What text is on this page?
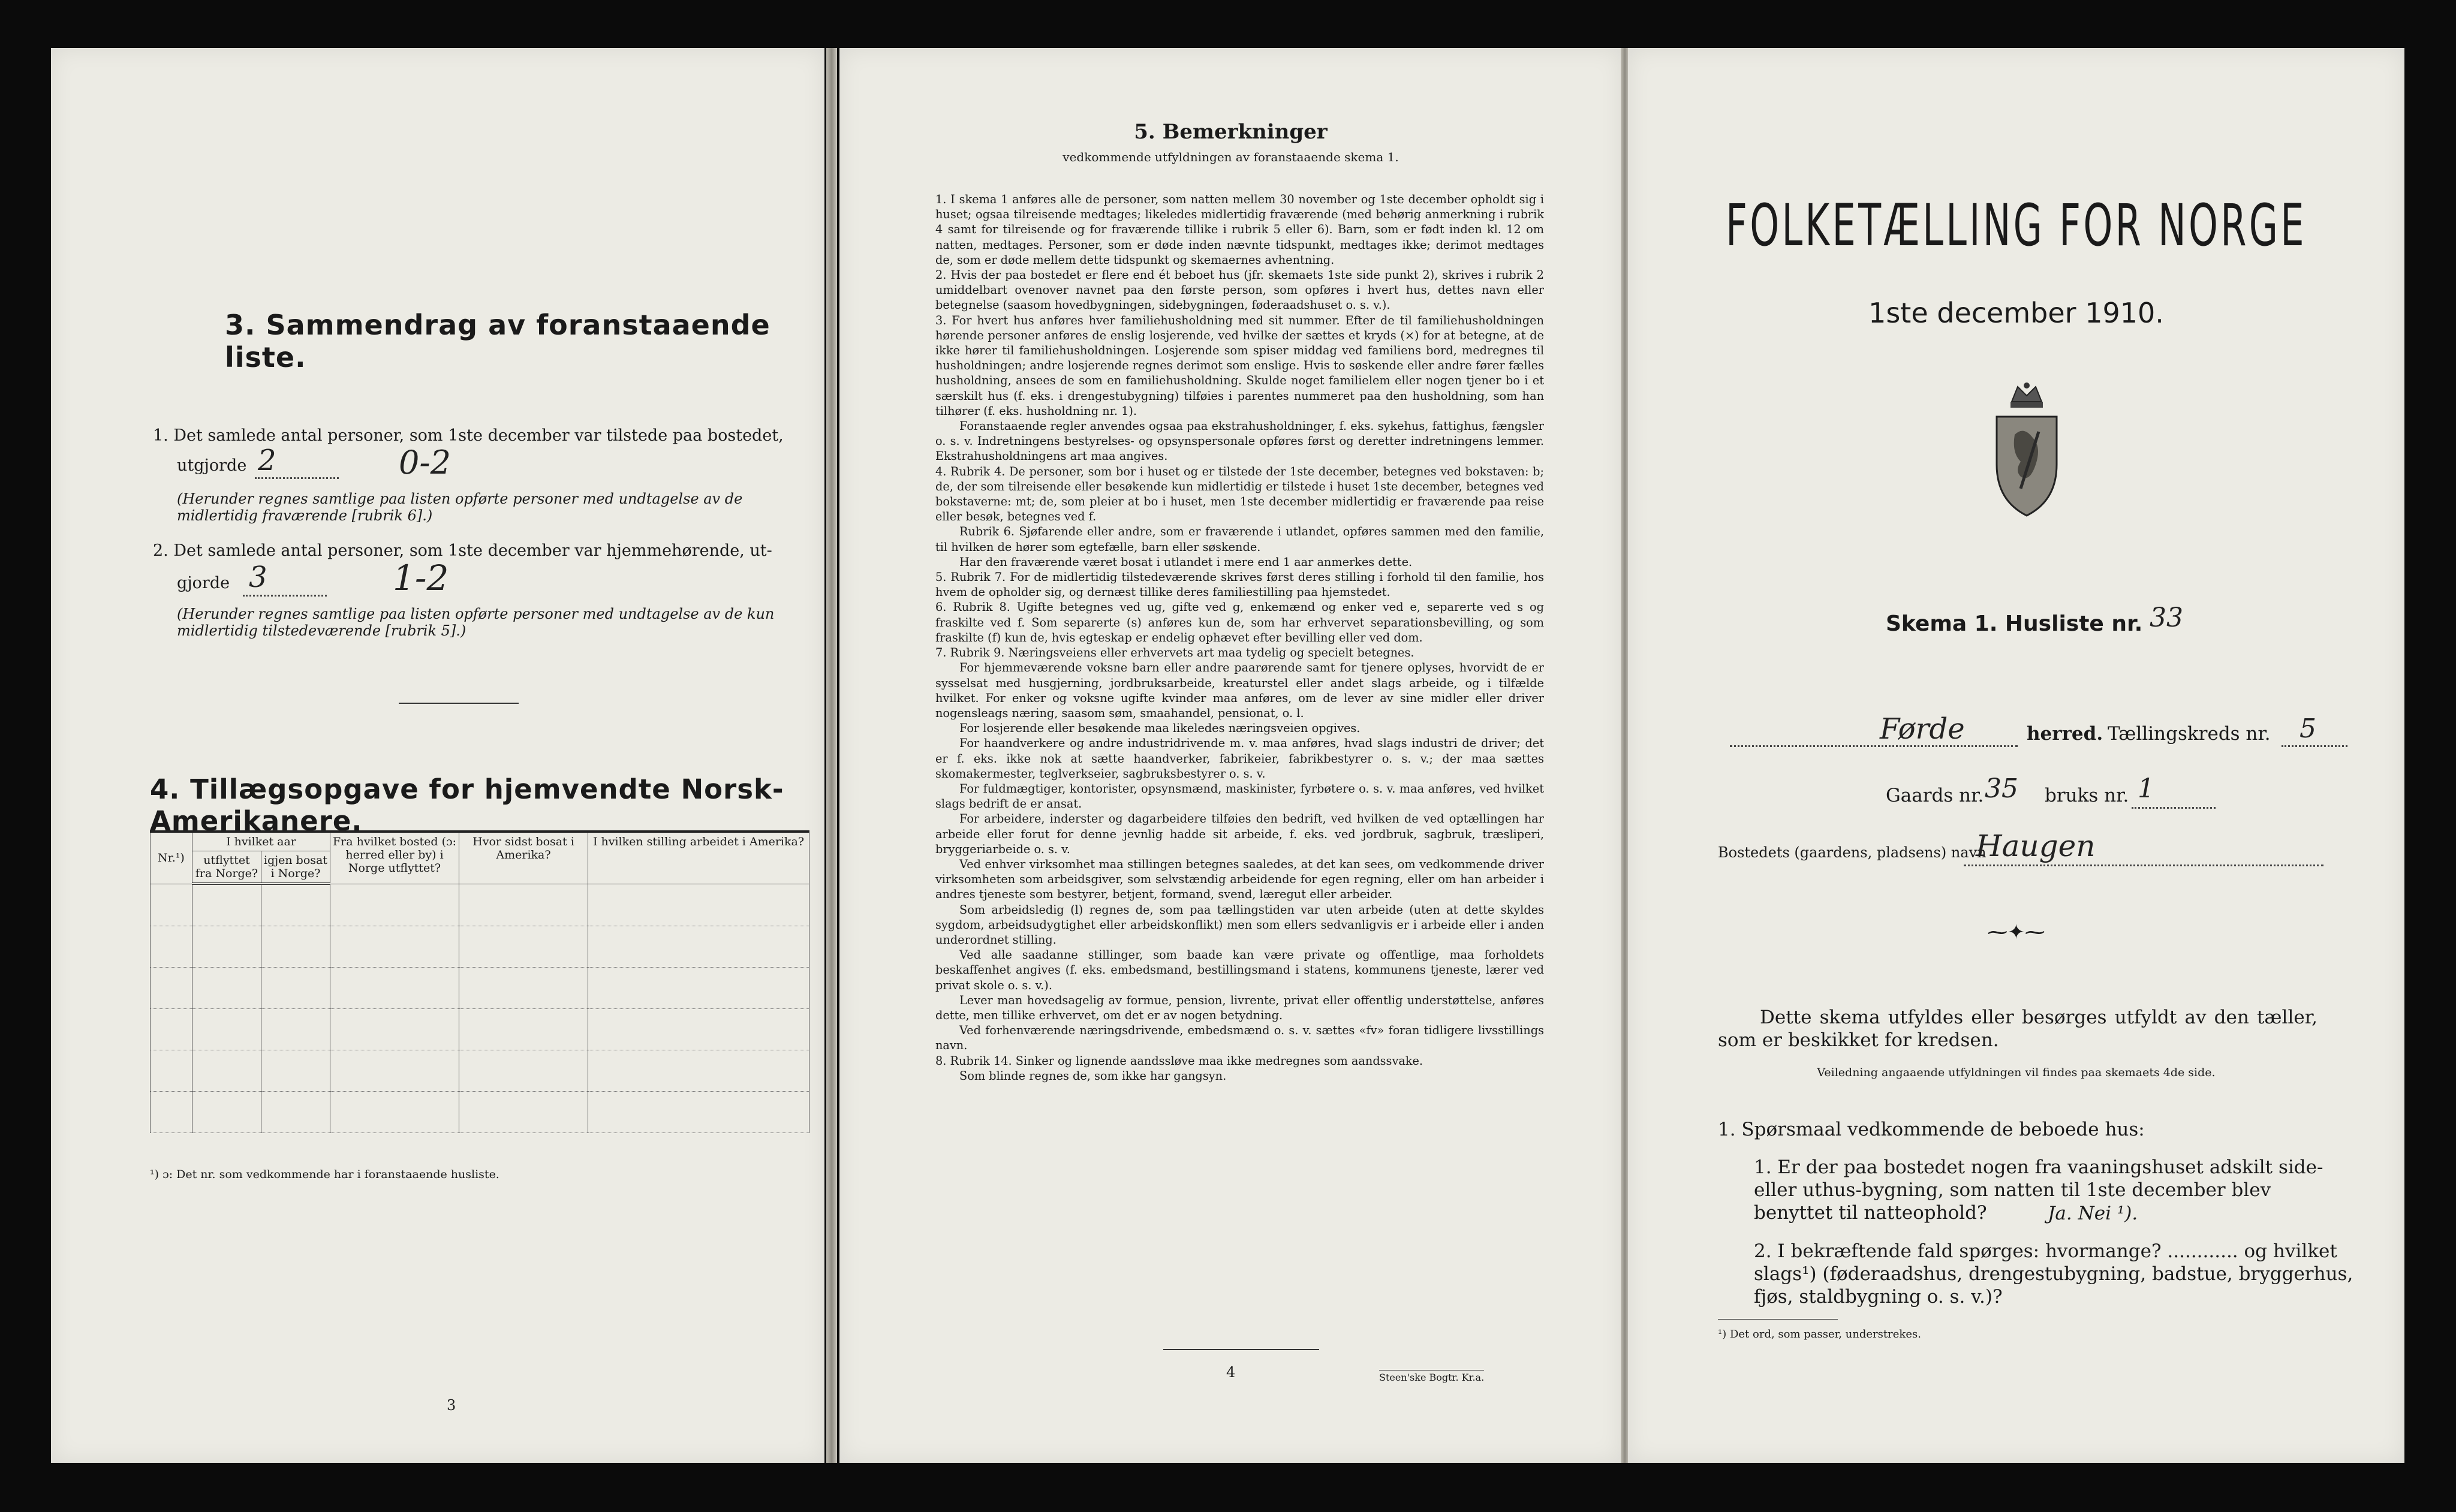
3. Sammendrag av foranstaaende liste.
1. Det samlede antal personer, som 1ste december var tilstede paa bostedet,
utgjorde 2	0-2
(Herunder regnes samtlige paa listen opførte personer med undtagelse av de midlertidig fraværende [rubrik 6].)
2. Det samlede antal personer, som 1ste december var hjemmehørende, ut-
gjorde 3	1-2
(Herunder regnes samtlige paa listen opførte personer med undtagelse av de kun midlertidig tilstedeværende [rubrik 5].)
4. Tillægsopgave for hjemvendte Norsk-Amerikanere.
Nr.¹)	I hvilket aar		Fra hvilket bosted (ɔ: herred eller by) i Norge utflyttet?	Hvor sidst bosat i Amerika?	I hvilken stilling arbeidet i Amerika?
	utflyttet fra Norge?	igjen bosat i Norge?			

¹) ɔ: Det nr. som vedkommende har i foranstaaende husliste.
3
5. Bemerkninger
vedkommende utfyldningen av foranstaaende skema 1.

1. I skema 1 anføres alle de personer, som natten mellem 30 november og 1ste december opholdt sig i huset; ogsaa tilreisende medtages; likeledes midlertidig fraværende (med behørig anmerkning i rubrik 4 samt for tilreisende og for fraværende tillike i rubrik 5 eller 6). Barn, som er født inden kl. 12 om natten, medtages. Personer, som er døde inden nævnte tidspunkt, medtages ikke; derimot medtages de, som er døde mellem dette tidspunkt og skemaernes avhentning.

2. Hvis der paa bostedet er flere end ét beboet hus (jfr. skemaets 1ste side punkt 2), skrives i rubrik 2 umiddelbart ovenover navnet paa den første person, som opføres i hvert hus, dettes navn eller betegnelse (saasom hovedbygningen, sidebygningen, føderaadshuset o. s. v.).

3. For hvert hus anføres hver familiehusholdning med sit nummer. Efter de til familiehusholdningen hørende personer anføres de enslig losjerende, ved hvilke der sættes et kryds (×) for at betegne, at de ikke hører til familiehusholdningen. Losjerende som spiser middag ved familiens bord, medregnes til husholdningen; andre losjerende regnes derimot som enslige. Hvis to søskende eller andre fører fælles husholdning, ansees de som en familiehusholdning. Skulde noget familielem eller nogen tjener bo i et særskilt hus (f. eks. i drengestubygning) tilføies i parentes nummeret paa den husholdning, som han tilhører (f. eks. husholdning nr. 1).

Foranstaaende regler anvendes ogsaa paa ekstrahusholdninger, f. eks. sykehus, fattighus, fængsler o. s. v. Indretningens bestyrelses- og opsynspersonale opføres først og deretter indretningens lemmer. Ekstrahusholdningens art maa angives.

4. Rubrik 4. De personer, som bor i huset og er tilstede der 1ste december, betegnes ved bokstaven: b; de, der som tilreisende eller besøkende kun midlertidig er tilstede i huset 1ste december, betegnes ved bokstaverne: mt; de, som pleier at bo i huset, men 1ste december midlertidig er fraværende paa reise eller besøk, betegnes ved f.

Rubrik 6. Sjøfarende eller andre, som er fraværende i utlandet, opføres sammen med den familie, til hvilken de hører som egtefælle, barn eller søskende.

Har den fraværende været bosat i utlandet i mere end 1 aar anmerkes dette.

5. Rubrik 7. For de midlertidig tilstedeværende skrives først deres stilling i forhold til den familie, hos hvem de opholder sig, og dernæst tillike deres familiestilling paa hjemstedet.

6. Rubrik 8. Ugifte betegnes ved ug, gifte ved g, enkemænd og enker ved e, separerte ved s og fraskilte ved f. Som separerte (s) anføres kun de, som har erhvervet separationsbevilling, og som fraskilte (f) kun de, hvis egteskap er endelig ophævet efter bevilling eller ved dom.

7. Rubrik 9. Næringsveiens eller erhvervets art maa tydelig og specielt betegnes.

For hjemmeværende voksne barn eller andre paarørende samt for tjenere oplyses, hvorvidt de er sysselsat med husgjerning, jordbruksarbeide, kreaturstel eller andet slags arbeide, og i tilfælde hvilket. For enker og voksne ugifte kvinder maa anføres, om de lever av sine midler eller driver nogensleags næring, saasom søm, smaahandel, pensionat, o. l.

For losjerende eller besøkende maa likeledes næringsveien opgives.

For haandverkere og andre industridrivende m. v. maa anføres, hvad slags industri de driver; det er f. eks. ikke nok at sætte haandverker, fabrikeier, fabrikbestyrer o. s. v.; der maa sættes skomakermester, teglverkseier, sagbruksbestyrer o. s. v.

For fuldmægtiger, kontorister, opsynsmænd, maskinister, fyrbøtere o. s. v. maa anføres, ved hvilket slags bedrift de er ansat.

For arbeidere, inderster og dagarbeidere tilføies den bedrift, ved hvilken de ved optællingen har arbeide eller forut for denne jevnlig hadde sit arbeide, f. eks. ved jordbruk, sagbruk, træsliperi, bryggeriarbeide o. s. v.

Ved enhver virksomhet maa stillingen betegnes saaledes, at det kan sees, om vedkommende driver virksomheten som arbeidsgiver, som selvstændig arbeidende for egen regning, eller om han arbeider i andres tjeneste som bestyrer, betjent, formand, svend, læregut eller arbeider.

Som arbeidsledig (l) regnes de, som paa tællingstiden var uten arbeide (uten at dette skyldes sygdom, arbeidsudygtighet eller arbeidskonflikt) men som ellers sedvanligvis er i arbeide eller i anden underordnet stilling.

Ved alle saadanne stillinger, som baade kan være private og offentlige, maa forholdets beskaffenhet angives (f. eks. embedsmand, bestillingsmand i statens, kommunens tjeneste, lærer ved privat skole o. s. v.).

Lever man hovedsagelig av formue, pension, livrente, privat eller offentlig understøttelse, anføres dette, men tillike erhvervet, om det er av nogen betydning.

Ved forhenværende næringsdrivende, embedsmænd o. s. v. sættes «fv» foran tidligere livsstillings navn.

8. Rubrik 14. Sinker og lignende aandssløve maa ikke medregnes som aandssvake.

Som blinde regnes de, som ikke har gangsyn.

4	Steen'ske Bogtr. Kr.a.
FOLKETÆLLING FOR NORGE
1ste december 1910.
Skema 1. Husliste nr. 33
Førde	herred. Tællingskreds nr. 5
Gaards nr. 35 bruks nr. 1
Bostedets (gaardens, pladsens) navn
Haugen
⁓✦⁓
Dette skema utfyldes eller besørges utfyldt av den tæller, som er beskikket for kredsen.
Veiledning angaaende utfyldningen vil findes paa skemaets 4de side.
1. Spørsmaal vedkommende de beboede hus:
1. Er der paa bostedet nogen fra vaaningshuset adskilt side- eller uthus-bygning, som natten til 1ste december blev benyttet til natteophold?	Ja. Nei ¹).
2. I bekræftende fald spørges: hvormange? ............ og hvilket slags¹) (føderaadshus, drengestubygning, badstue, bryggerhus, fjøs, staldbygning o. s. v.)?
¹) Det ord, som passer, understrekes.
